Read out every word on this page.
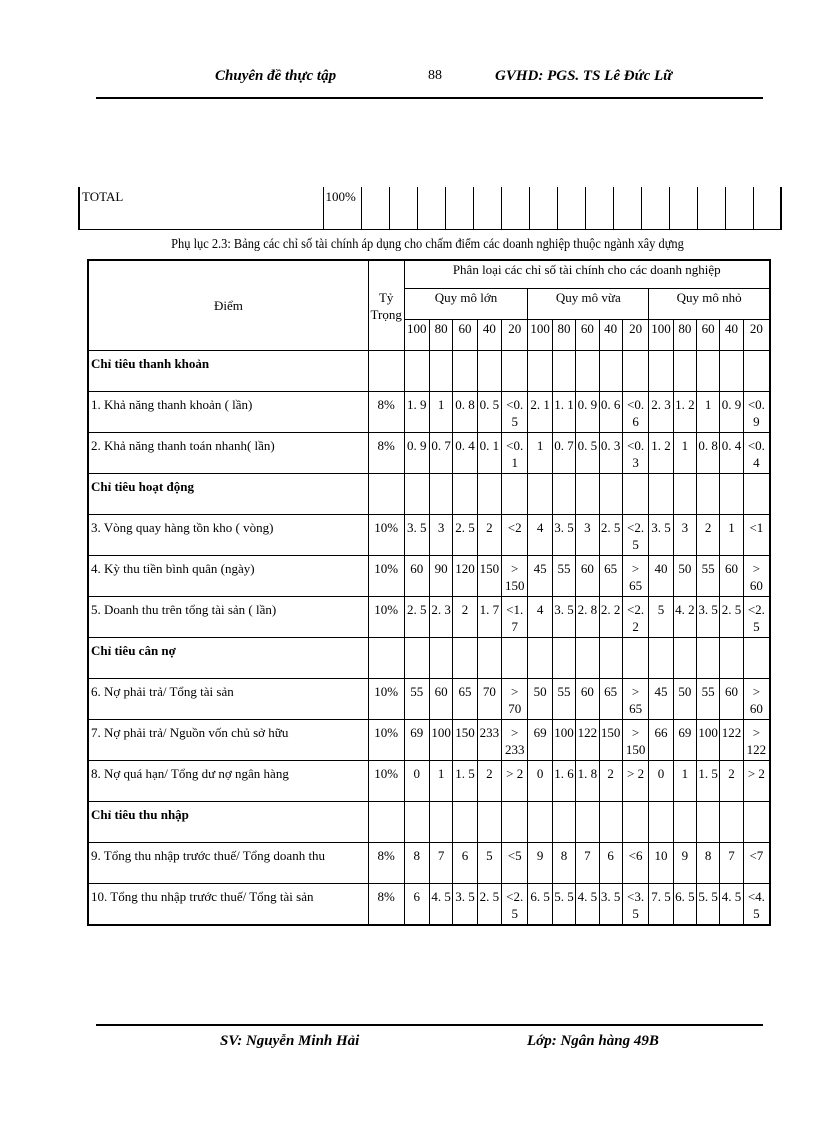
Chuyên đề thực tập	88	GVHD: PGS. TS Lê Đức Lữ
TOTAL	100%															
Phụ lục 2.3: Bảng các chỉ số tài chính áp dụng cho chấm điểm các doanh nghiệp thuộc ngành xây dựng
Điểm	Tỷ Trọng	Phân loại các chỉ số tài chính cho các doanh nghiệp														
		Quy mô lớn					Quy mô vừa					Quy mô nhỏ				
		100	80	60	40	20	100	80	60	40	20	100	80	60	40	20
Chỉ tiêu thanh khoản																
1. Khả năng thanh khoản ( lần)	8%	1. 9	1	0. 8	0. 5	<0. 5	2. 1	1. 1	0. 9	0. 6	<0. 6	2. 3	1. 2	1	0. 9	<0. 9
2. Khả năng thanh toán nhanh( lần)	8%	0. 9	0. 7	0. 4	0. 1	<0. 1	1	0. 7	0. 5	0. 3	<0. 3	1. 2	1	0. 8	0. 4	<0. 4
Chỉ tiêu hoạt động																
3. Vòng quay hàng tồn kho ( vòng)	10%	3. 5	3	2. 5	2	<2	4	3. 5	3	2. 5	<2. 5	3. 5	3	2	1	<1
4. Kỳ thu tiền bình quân (ngày)	10%	60	90	120	150	> 150	45	55	60	65	> 65	40	50	55	60	> 60
5. Doanh thu trên tổng tài sản ( lần)	10%	2. 5	2. 3	2	1. 7	<1. 7	4	3. 5	2. 8	2. 2	<2. 2	5	4. 2	3. 5	2. 5	<2. 5
Chỉ tiêu cân nợ																
6. Nợ phải trả/ Tổng tài sản	10%	55	60	65	70	> 70	50	55	60	65	> 65	45	50	55	60	> 60
7. Nợ phải trả/ Nguồn vốn chủ sở hữu	10%	69	100	150	233	> 233	69	100	122	150	> 150	66	69	100	122	> 122
8. Nợ quá hạn/ Tổng dư nợ ngân hàng	10%	0	1	1. 5	2	> 2	0	1. 6	1. 8	2	> 2	0	1	1. 5	2	> 2
Chỉ tiêu thu nhập																
9. Tổng thu nhập trước thuế/ Tổng doanh thu	8%	8	7	6	5	<5	9	8	7	6	<6	10	9	8	7	<7
10. Tổng thu nhập trước thuế/ Tổng tài sản	8%	6	4. 5	3. 5	2. 5	<2. 5	6. 5	5. 5	4. 5	3. 5	<3. 5	7. 5	6. 5	5. 5	4. 5	<4. 5
SV: Nguyễn Minh Hải	Lớp: Ngân hàng 49B
